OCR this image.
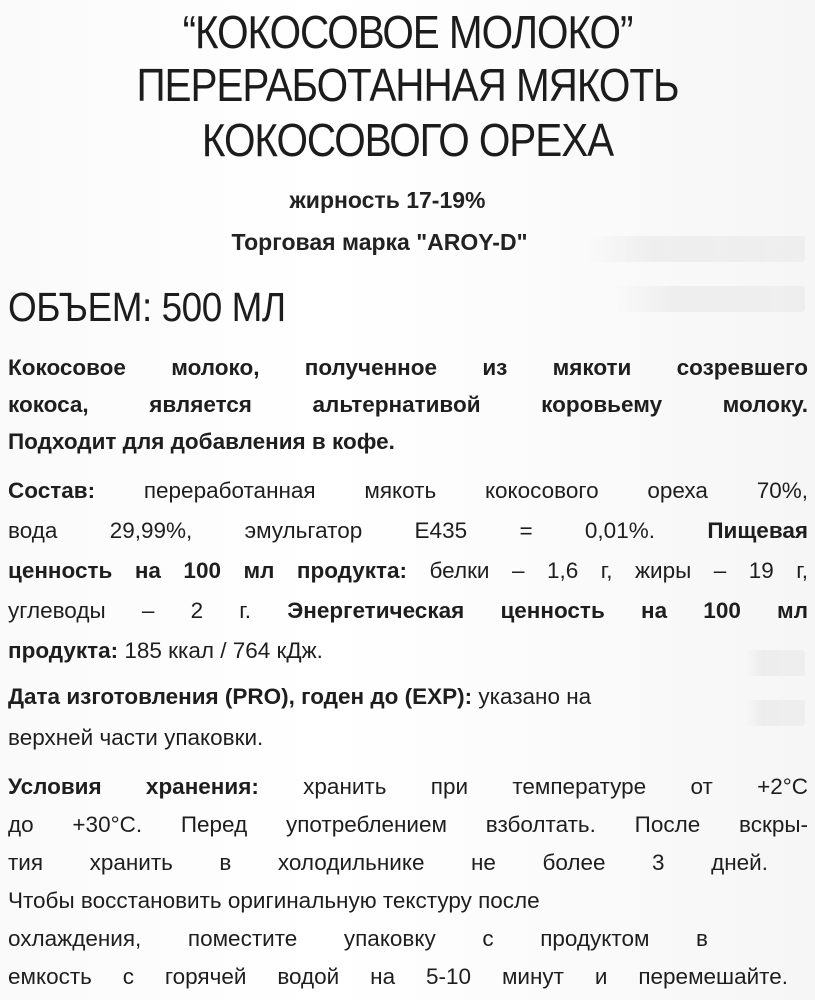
“КОКОСОВОЕ МОЛОКО”
ПЕРЕРАБОТАННАЯ МЯКОТЬ
КОКОСОВОГО ОРЕХА
жирность 17-19%
Торговая марка "AROY-D"
ОБЪЕМ: 500 МЛ
Кокосовое молоко, полученное из мякоти созревшего
кокоса, является альтернативой коровьему молоку.
Подходит для добавления в кофе.
Состав: переработанная мякоть кокосового ореха 70%,
вода 29,99%, эмульгатор Е435 = 0,01%. Пищевая
ценность на 100 мл продукта: белки – 1,6 г, жиры – 19 г,
углеводы – 2 г. Энергетическая ценность на 100 мл
продукта: 185 ккал / 764 кДж.
Дата изготовления (PRO), годен до (EXP): указано на
верхней части упаковки.
Условия хранения: хранить при температуре от +2°С
до +30°С. Перед употреблением взболтать. После вскры-
тия хранить в холодильнике не более 3 дней.
Чтобы восстановить оригинальную текстуру после
охлаждения, поместите упаковку с продуктом в
емкость с горячей водой на 5-10 минут и перемешайте.
